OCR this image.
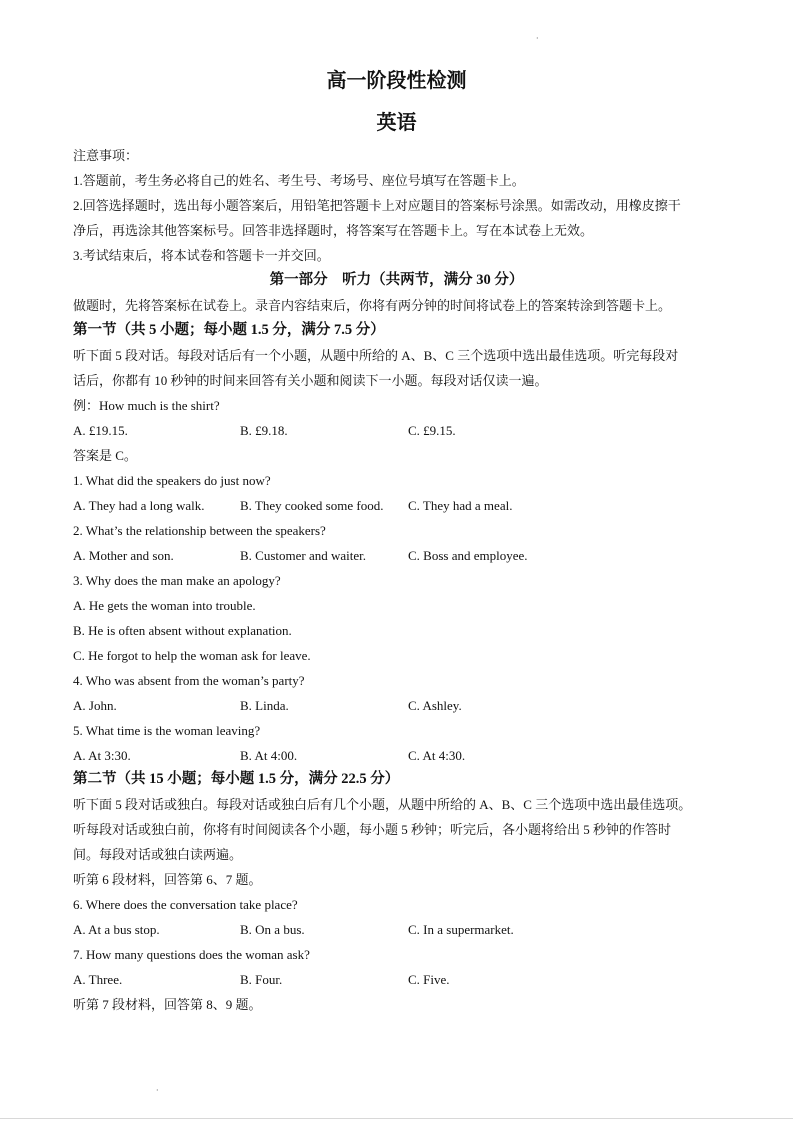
·
高一阶段性检测
英语
注意事项：
1.答题前，考生务必将自己的姓名、考生号、考场号、座位号填写在答题卡上。
2.回答选择题时，选出每小题答案后，用铅笔把答题卡上对应题目的答案标号涂黑。如需改动，用橡皮擦干
净后，再选涂其他答案标号。回答非选择题时，将答案写在答题卡上。写在本试卷上无效。
3.考试结束后，将本试卷和答题卡一并交回。
第一部分　听力（共两节，满分 30 分）
做题时，先将答案标在试卷上。录音内容结束后，你将有两分钟的时间将试卷上的答案转涂到答题卡上。
第一节（共 5 小题；每小题 1.5 分，满分 7.5 分）
听下面 5 段对话。每段对话后有一个小题，从题中所给的 A、B、C 三个选项中选出最佳选项。听完每段对
话后，你都有 10 秒钟的时间来回答有关小题和阅读下一小题。每段对话仅读一遍。
例：How much is the shirt?
A. £19.15.	B. £9.18.	C. £9.15.
答案是 C。
1. What did the speakers do just now?
A. They had a long walk.	B. They cooked some food. C. They had a meal.
2. What’s the relationship between the speakers?
A. Mother and son.	B. Customer and waiter.	C. Boss and employee.
3. Why does the man make an apology?
A. He gets the woman into trouble.
B. He is often absent without explanation.
C. He forgot to help the woman ask for leave.
4. Who was absent from the woman’s party?
A. John.	B. Linda.	C. Ashley.
5. What time is the woman leaving?
A. At 3:30.	B. At 4:00.	C. At 4:30.
第二节（共 15 小题；每小题 1.5 分，满分 22.5 分）
听下面 5 段对话或独白。每段对话或独白后有几个小题，从题中所给的 A、B、C 三个选项中选出最佳选项。
听每段对话或独白前，你将有时间阅读各个小题，每小题 5 秒钟；听完后，各小题将给出 5 秒钟的作答时
间。每段对话或独白读两遍。
听第 6 段材料，回答第 6、7 题。
6. Where does the conversation take place?
A. At a bus stop.	B. On a bus.	C. In a supermarket.
7. How many questions does the woman ask?
A. Three.	B. Four.	C. Five.
听第 7 段材料，回答第 8、9 题。
·
